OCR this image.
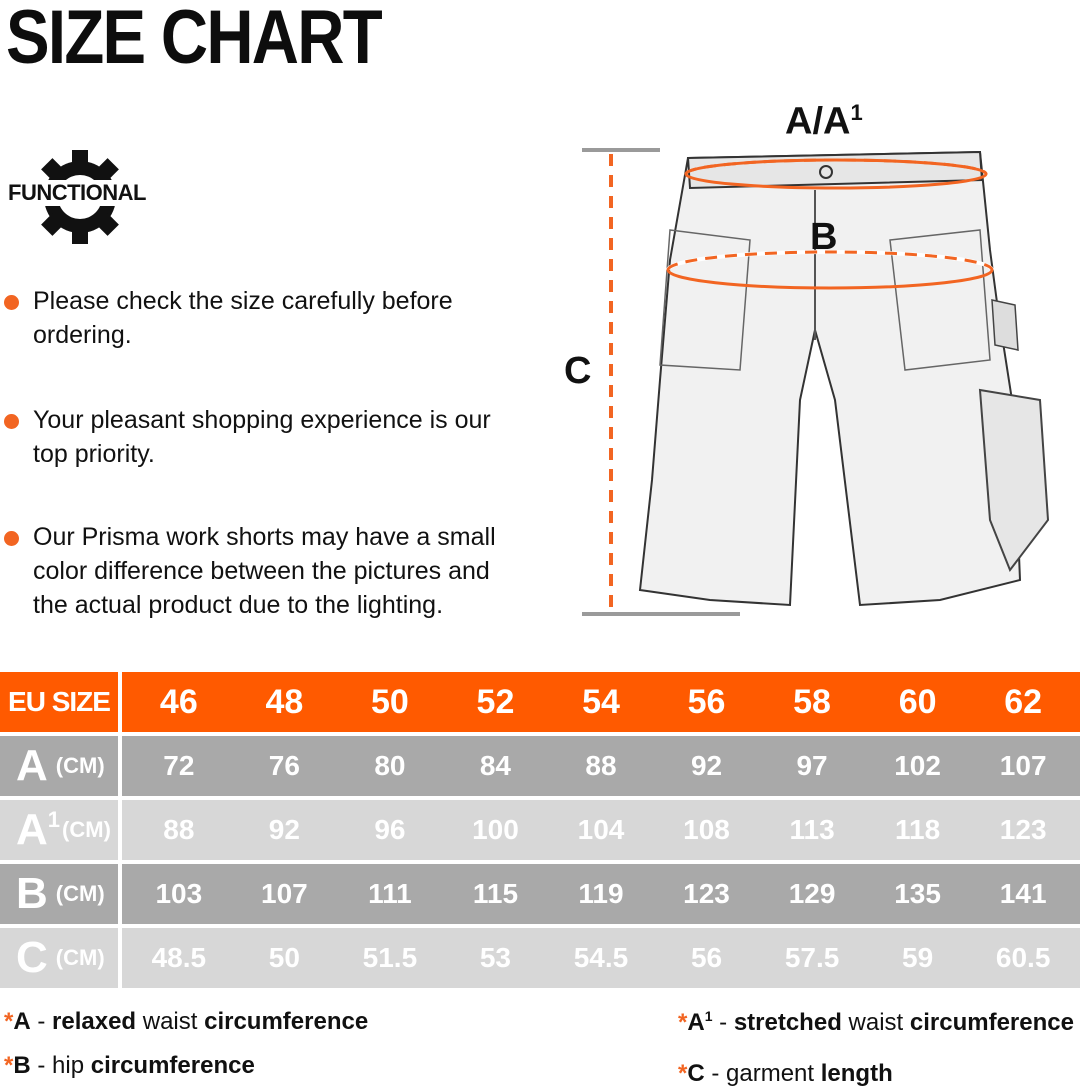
SIZE CHART
FUNCTIONAL
Please check the size carefully before ordering.
Your pleasant shopping experience is our top priority.
Our Prisma work shorts may have a small color difference between the pictures and the actual product due to the lighting.
$A/A^1$
B
C
EU SIZE	46	48	50	52	54	56	58	60	62
A (CM)	72	76	80	84	88	92	97	102	107
$A^1(CM)$	88	92	96	100	104	108	113	118	123
B (CM)	103	107	111	115	119	123	129	135	141
C (CM)	48.5	50	51.5	53	54.5	56	57.5	59	60.5
*A - relaxed waist circumference
*B - hip circumference
$*A^1$ - stretched waist circumference
*C - garment length
